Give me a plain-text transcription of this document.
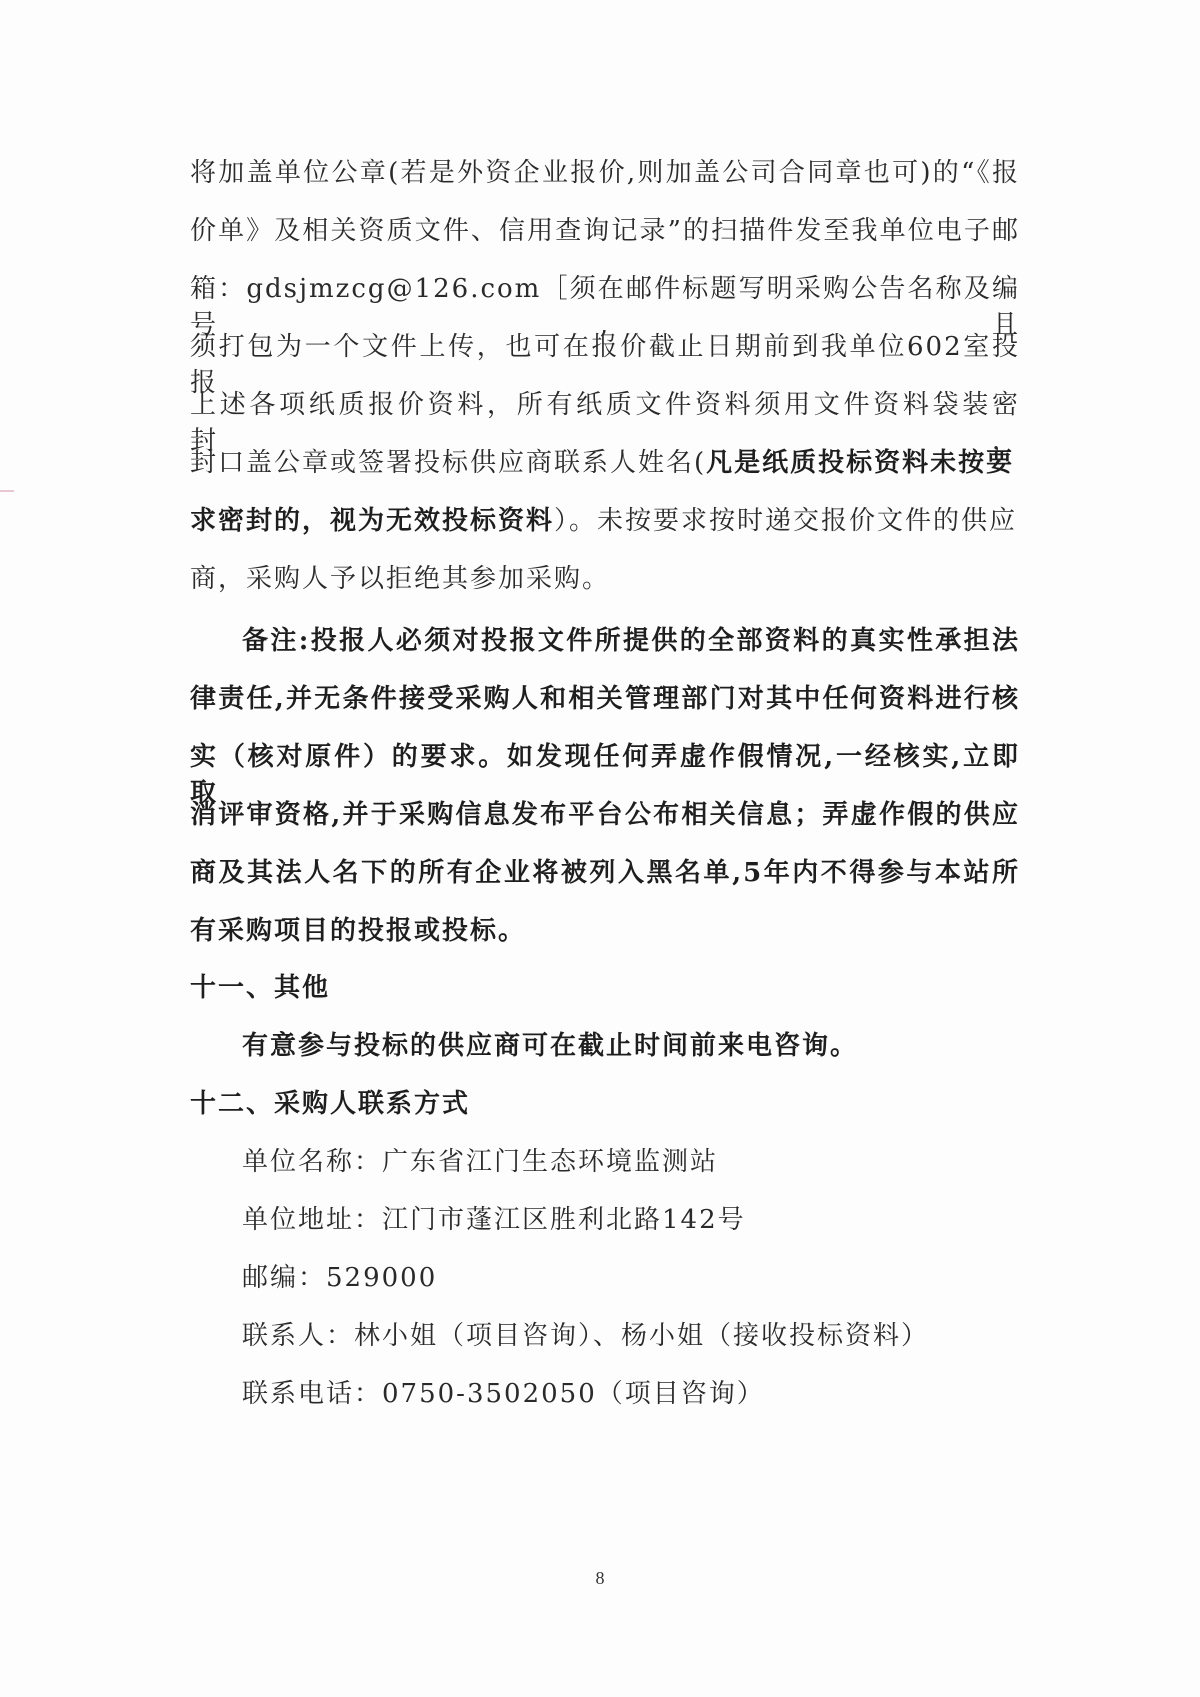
将加盖单位公章(若是外资企业报价,则加盖公司合同章也可)的“《报
价单》及相关资质文件、信用查询记录”的扫描件发至我单位电子邮
箱：gdsjmzcg@126.com［须在邮件标题写明采购公告名称及编号,且
须打包为一个文件上传，也可在报价截止日期前到我单位602室投报
上述各项纸质报价资料，所有纸质文件资料须用文件资料袋装密封，
封口盖公章或签署投标供应商联系人姓名(凡是纸质投标资料未按要
求密封的，视为无效投标资料）。未按要求按时递交报价文件的供应
商，采购人予以拒绝其参加采购。
备注:投报人必须对投报文件所提供的全部资料的真实性承担法
律责任,并无条件接受采购人和相关管理部门对其中任何资料进行核
实（核对原件）的要求。如发现任何弄虚作假情况,一经核实,立即取
消评审资格,并于采购信息发布平台公布相关信息；弄虚作假的供应
商及其法人名下的所有企业将被列入黑名单,5年内不得参与本站所
有采购项目的投报或投标。
十一、其他
有意参与投标的供应商可在截止时间前来电咨询。
十二、采购人联系方式
单位名称：广东省江门生态环境监测站
单位地址：江门市蓬江区胜利北路142号
邮编：529000
联系人：林小姐（项目咨询）、杨小姐（接收投标资料）
联系电话：0750-3502050（项目咨询）
8
